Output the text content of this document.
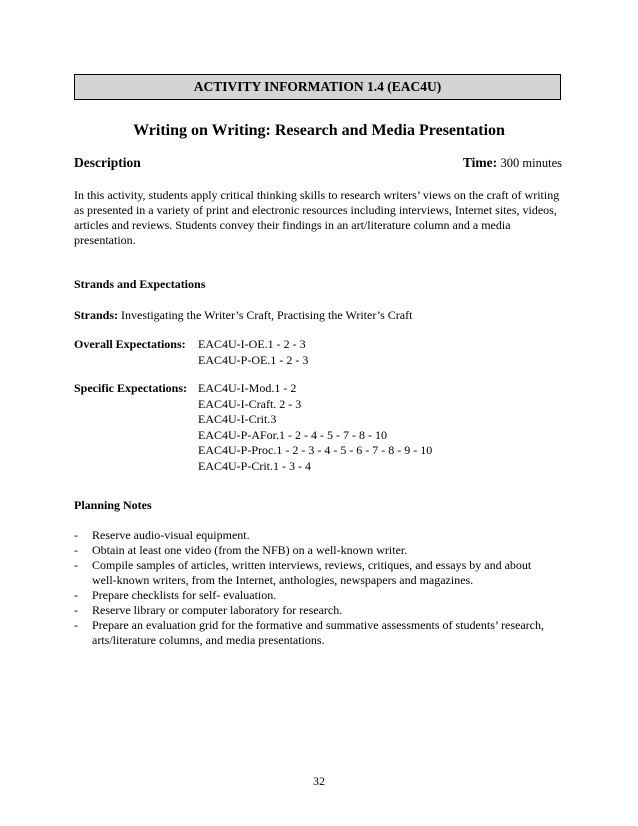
ACTIVITY INFORMATION 1.4 (EAC4U)
Writing on Writing: Research and Media Presentation
Description	Time: 300 minutes
In this activity, students apply critical thinking skills to research writers’ views on the craft of writing as presented in a variety of print and electronic resources including interviews, Internet sites, videos, articles and reviews. Students convey their findings in an art/literature column and a media presentation.
Strands and Expectations
Strands: Investigating the Writer’s Craft, Practising the Writer’s Craft
Overall Expectations: EAC4U-I-OE.1 - 2 - 3
EAC4U-P-OE.1 - 2 - 3
Specific Expectations: EAC4U-I-Mod.1 - 2
EAC4U-I-Craft. 2 - 3
EAC4U-I-Crit.3
EAC4U-P-AFor.1 - 2 - 4 - 5 - 7 - 8 - 10
EAC4U-P-Proc.1 - 2 - 3 - 4 - 5 - 6 - 7 - 8 - 9 - 10
EAC4U-P-Crit.1 - 3 - 4
Planning Notes
- Reserve audio-visual equipment.
- Obtain at least one video (from the NFB) on a well-known writer.
- Compile samples of articles, written interviews, reviews, critiques, and essays by and about well-known writers, from the Internet, anthologies, newspapers and magazines.
- Prepare checklists for self- evaluation.
- Reserve library or computer laboratory for research.
- Prepare an evaluation grid for the formative and summative assessments of students’ research, arts/literature columns, and media presentations.
32
